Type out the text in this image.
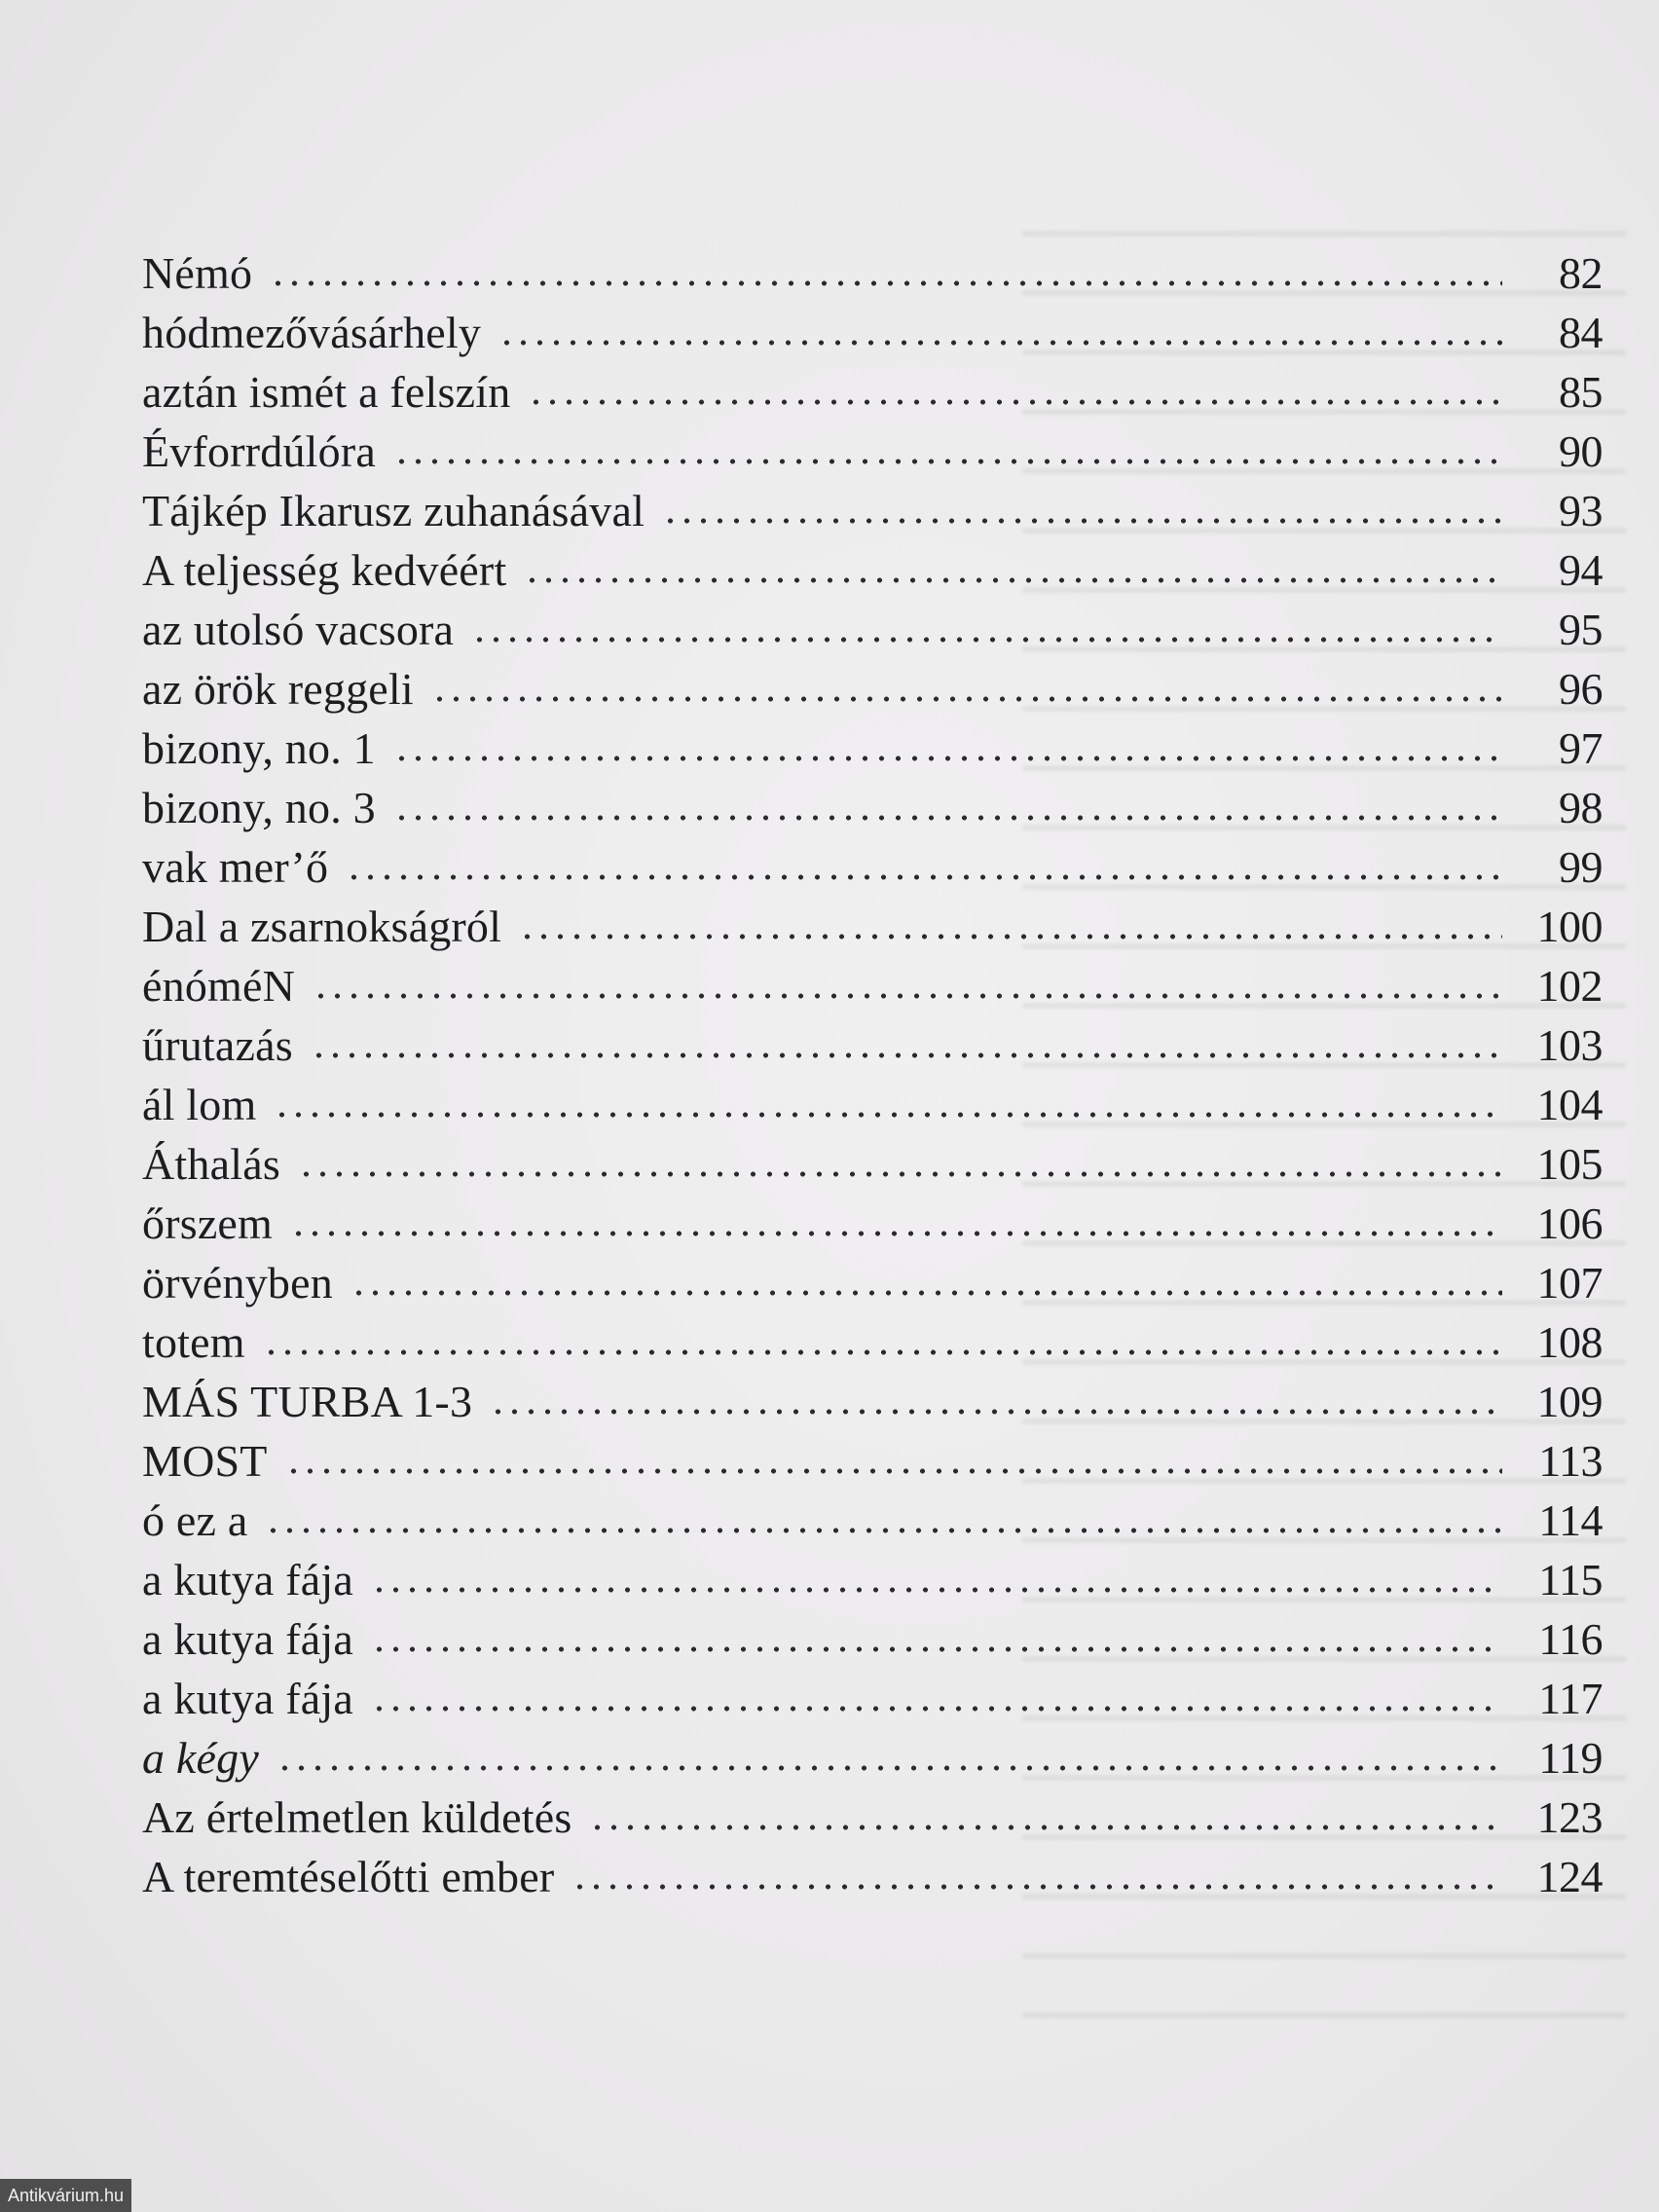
Némó	82
hódmezővásárhely	84
aztán ismét a felszín	85
Évforrdúlóra	90
Tájkép Ikarusz zuhanásával	93
A teljesség kedvéért	94
az utolsó vacsora	95
az örök reggeli	96
bizony, no. 1	97
bizony, no. 3	98
vak mer’ő	99
Dal a zsarnokságról	100
énóméN	102
űrutazás	103
ál lom	104
Áthalás	105
őrszem	106
örvényben	107
totem	108
MÁS TURBA 1-3	109
MOST	113
ó ez a	114
a kutya fája	115
a kutya fája	116
a kutya fája	117
a kégy	119
Az értelmetlen küldetés	123
A teremtéselőtti ember	124
Antikvárium.hu
